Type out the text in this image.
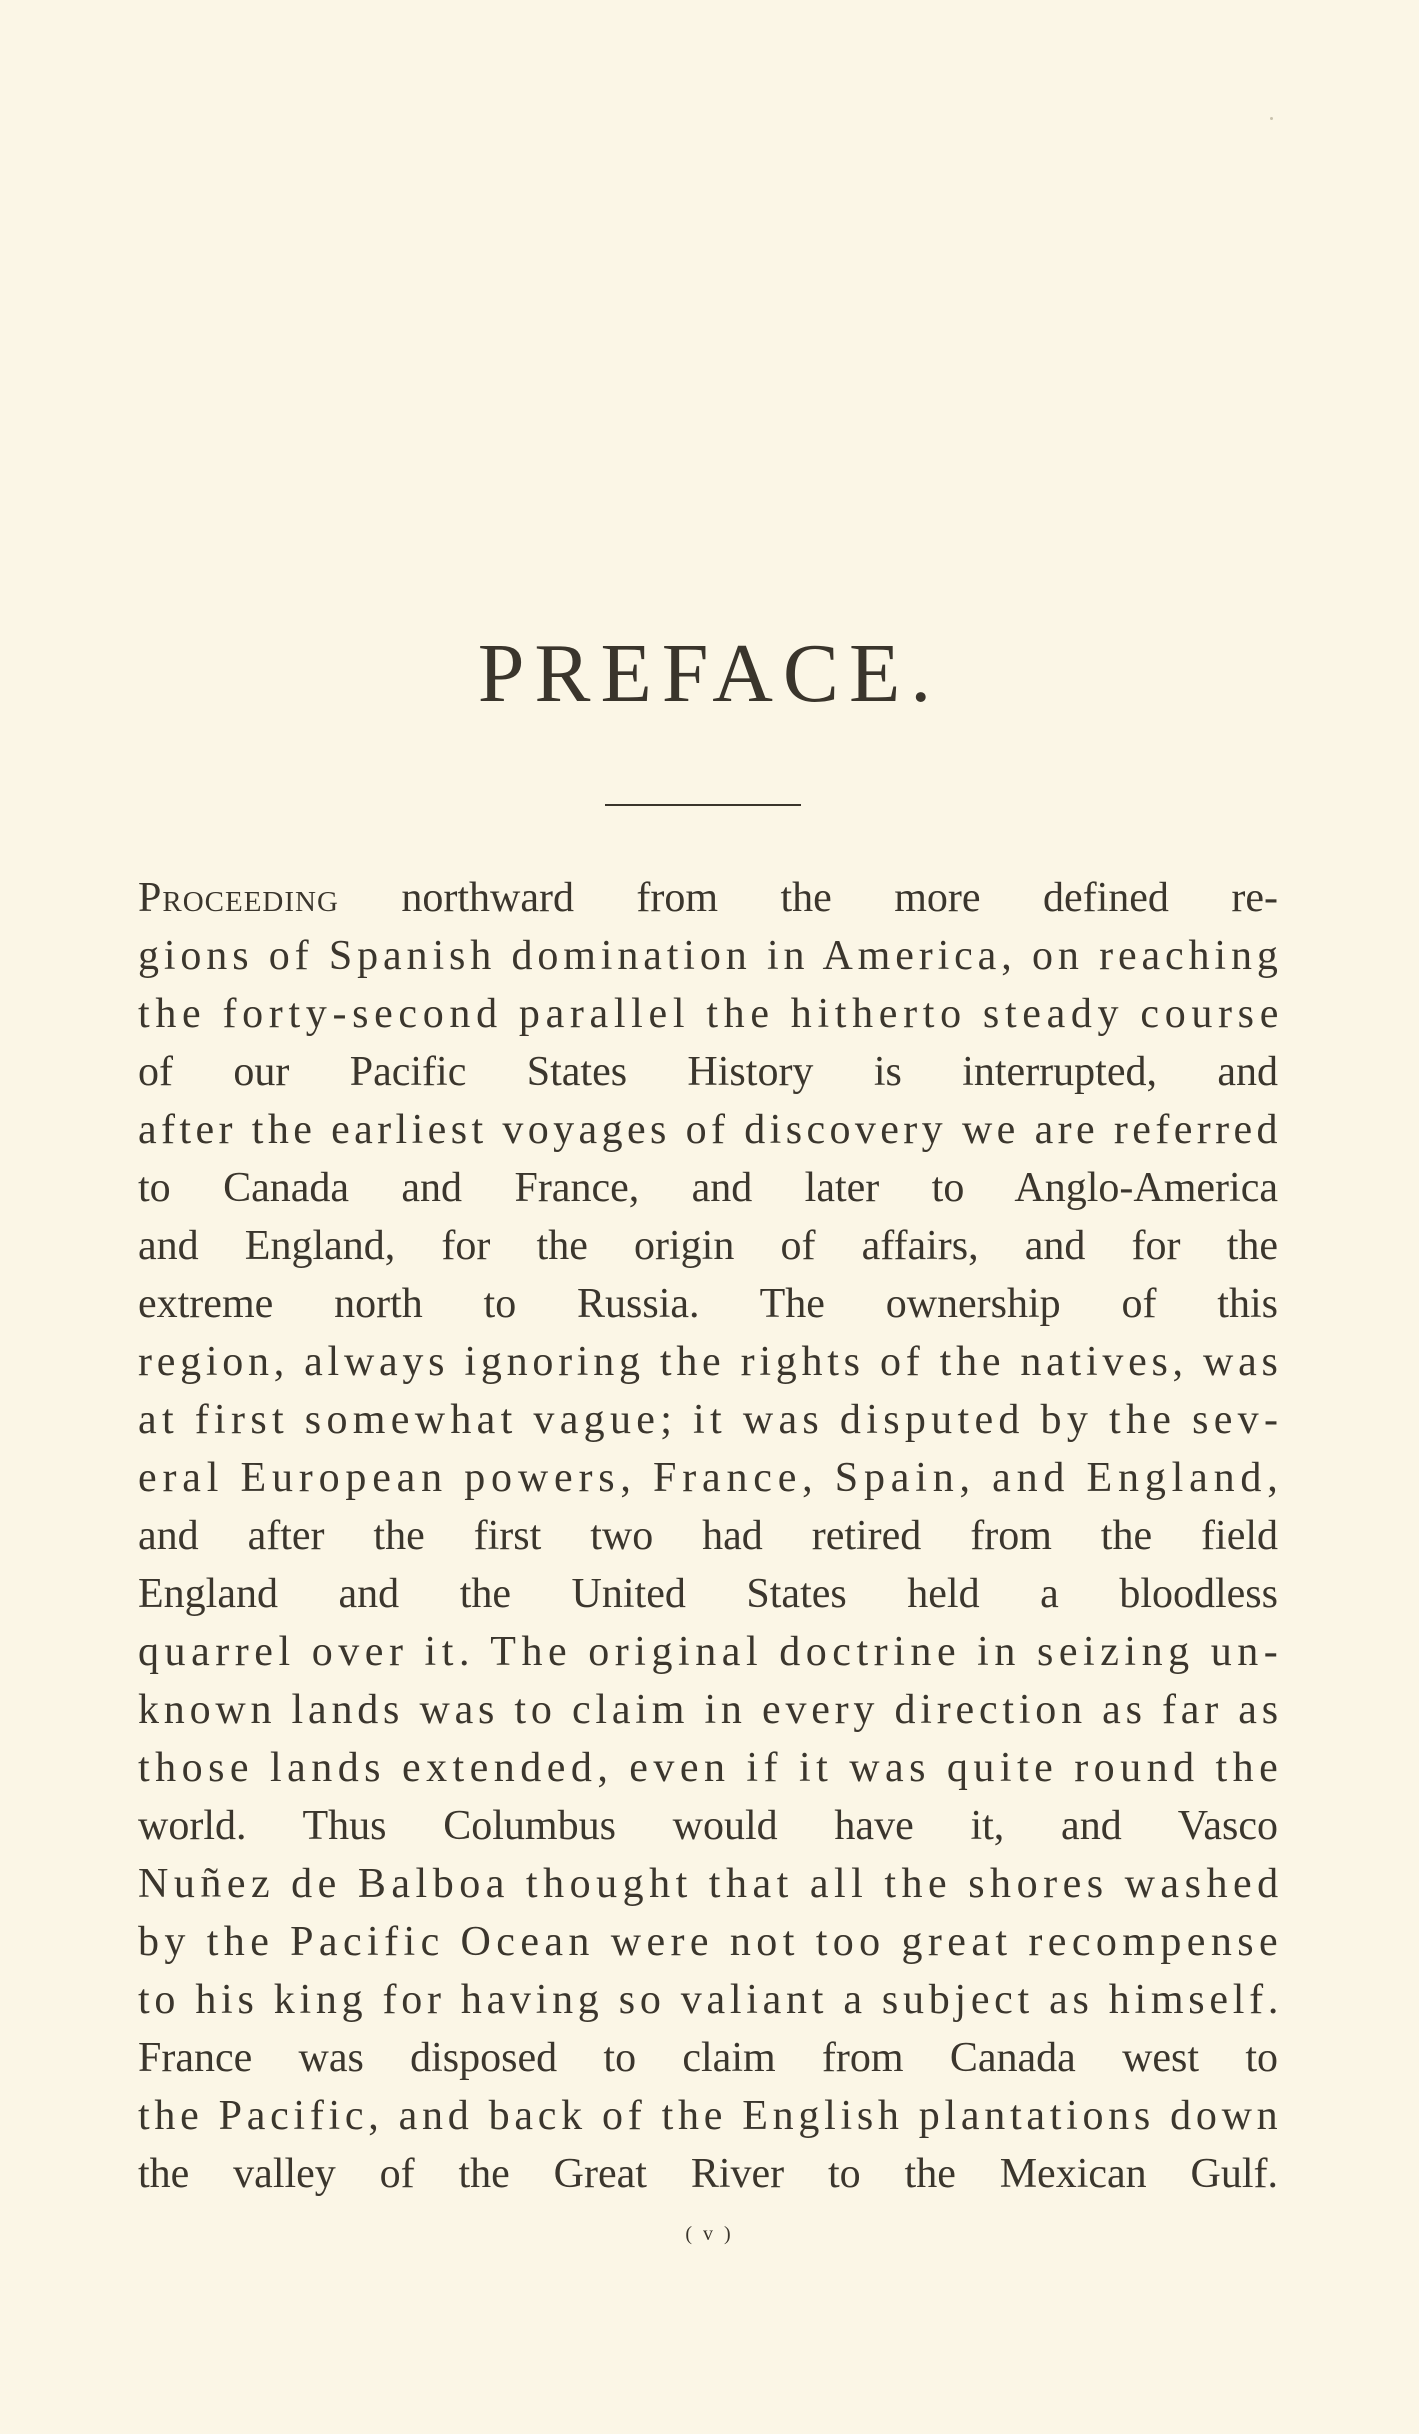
PREFACE.
Proceeding northward from the more defined re-
gions of Spanish domination in America, on reaching
the forty-second parallel the hitherto steady course
of our Pacific States History is interrupted, and
after the earliest voyages of discovery we are referred
to Canada and France, and later to Anglo-America
and England, for the origin of affairs, and for the
extreme north to Russia. The ownership of this
region, always ignoring the rights of the natives, was
at first somewhat vague; it was disputed by the sev-
eral European powers, France, Spain, and England,
and after the first two had retired from the field
England and the United States held a bloodless
quarrel over it. The original doctrine in seizing un-
known lands was to claim in every direction as far as
those lands extended, even if it was quite round the
world. Thus Columbus would have it, and Vasco
Nuñez de Balboa thought that all the shores washed
by the Pacific Ocean were not too great recompense
to his king for having so valiant a subject as himself.
France was disposed to claim from Canada west to
the Pacific, and back of the English plantations down
the valley of the Great River to the Mexican Gulf.
( v )
